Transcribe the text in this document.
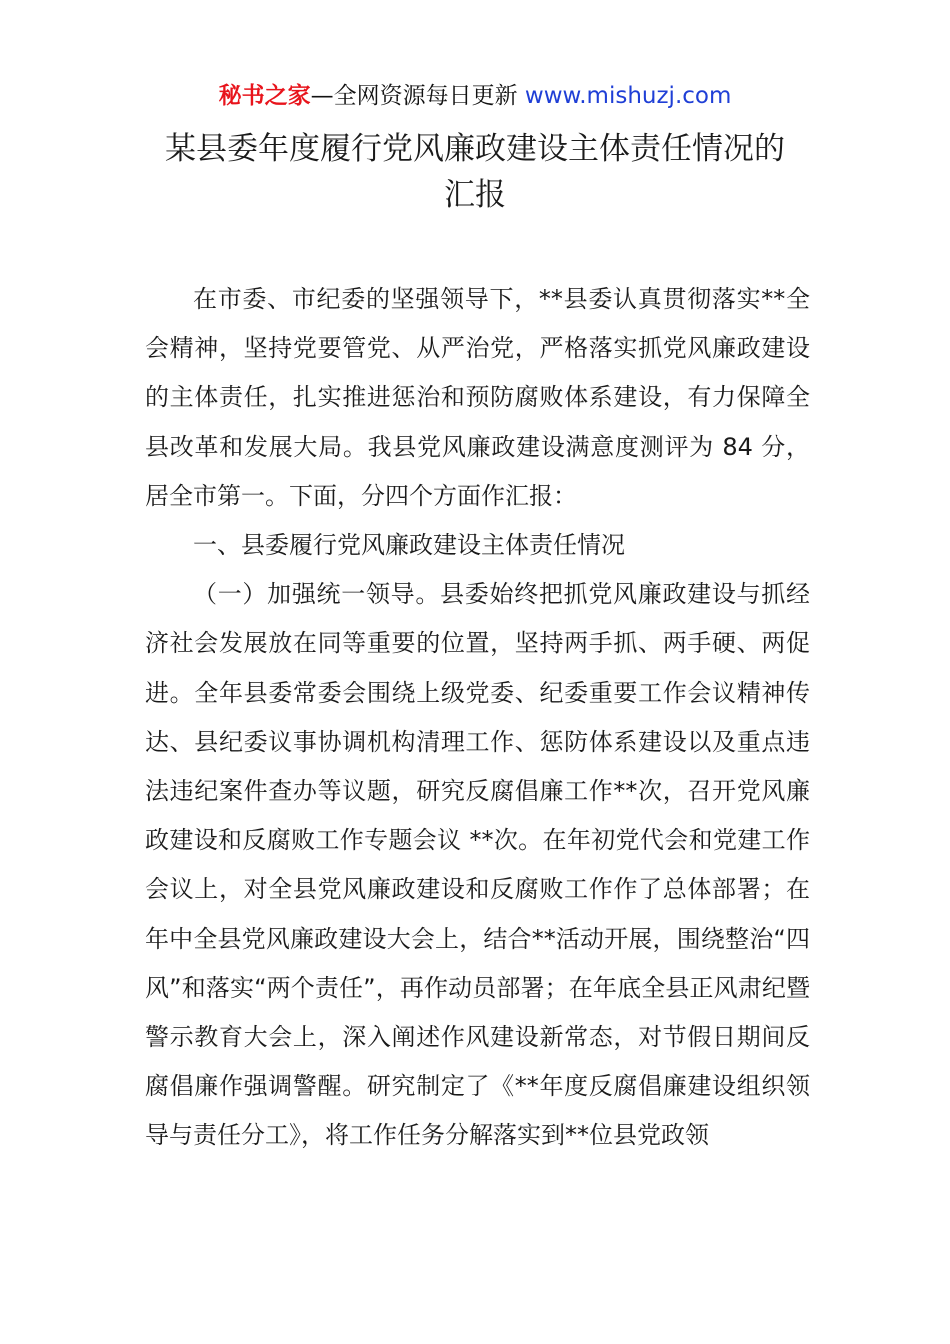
秘书之家—全网资源每日更新 www.mishuzj.com
某县委年度履行党风廉政建设主体责任情况的
汇报

在市委、市纪委的坚强领导下，**县委认真贯彻落实**全会精神，坚持党要管党、从严治党，严格落实抓党风廉政建设的主体责任，扎实推进惩治和预防腐败体系建设，有力保障全县改革和发展大局。我县党风廉政建设满意度测评为 84 分，居全市第一。下面，分四个方面作汇报：

一、县委履行党风廉政建设主体责任情况

（一）加强统一领导。县委始终把抓党风廉政建设与抓经济社会发展放在同等重要的位置，坚持两手抓、两手硬、两促进。全年县委常委会围绕上级党委、纪委重要工作会议精神传达、县纪委议事协调机构清理工作、惩防体系建设以及重点违法违纪案件查办等议题，研究反腐倡廉工作**次，召开党风廉政建设和反腐败工作专题会议 **次。在年初党代会和党建工作会议上，对全县党风廉政建设和反腐败工作作了总体部署；在年中全县党风廉政建设大会上，结合**活动开展，围绕整治“四风”和落实“两个责任”，再作动员部署；在年底全县正风肃纪暨警示教育大会上，深入阐述作风建设新常态，对节假日期间反腐倡廉作强调警醒。研究制定了《**年度反腐倡廉建设组织领导与责任分工》，将工作任务分解落实到**位县党政领
